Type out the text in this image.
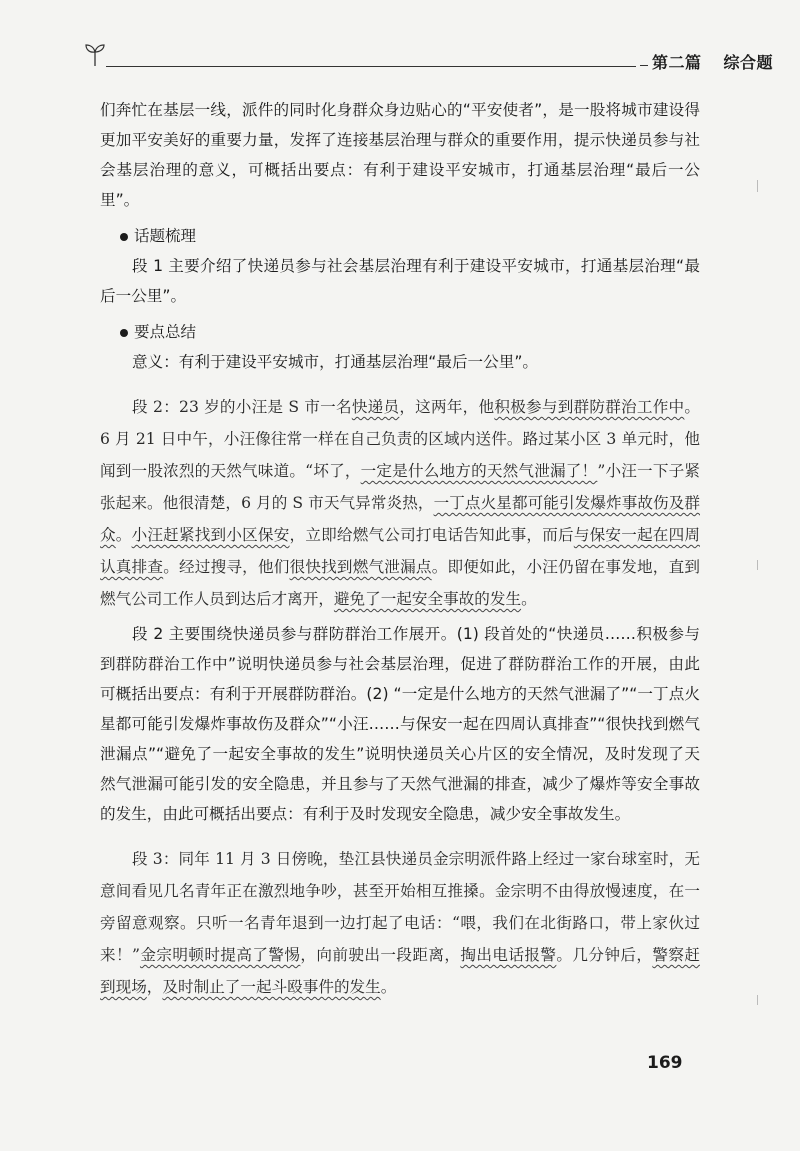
第二篇 综合题

们奔忙在基层一线，派件的同时化身群众身边贴心的“平安使者”，是一股将城市建设得更加平安美好的重要力量，发挥了连接基层治理与群众的重要作用，提示快递员参与社会基层治理的意义，可概括出要点：有利于建设平安城市，打通基层治理“最后一公里”。

话题梳理

段 1 主要介绍了快递员参与社会基层治理有利于建设平安城市，打通基层治理“最后一公里”。

要点总结

意义：有利于建设平安城市，打通基层治理“最后一公里”。

段 2：23 岁的小汪是 S 市一名快递员，这两年，他积极参与到群防群治工作中。6 月 21 日中午，小汪像往常一样在自己负责的区域内送件。路过某小区 3 单元时，他闻到一股浓烈的天然气味道。“坏了，一定是什么地方的天然气泄漏了！”小汪一下子紧张起来。他很清楚，6 月的 S 市天气异常炎热，一丁点火星都可能引发爆炸事故伤及群众。小汪赶紧找到小区保安，立即给燃气公司打电话告知此事，而后与保安一起在四周认真排查。经过搜寻，他们很快找到燃气泄漏点。即便如此，小汪仍留在事发地，直到燃气公司工作人员到达后才离开，避免了一起安全事故的发生。

段 2 主要围绕快递员参与群防群治工作展开。(1) 段首处的“快递员……积极参与到群防群治工作中”说明快递员参与社会基层治理，促进了群防群治工作的开展，由此可概括出要点：有利于开展群防群治。(2) “一定是什么地方的天然气泄漏了”“一丁点火星都可能引发爆炸事故伤及群众”“小汪……与保安一起在四周认真排查”“很快找到燃气泄漏点”“避免了一起安全事故的发生”说明快递员关心片区的安全情况，及时发现了天然气泄漏可能引发的安全隐患，并且参与了天然气泄漏的排查，减少了爆炸等安全事故的发生，由此可概括出要点：有利于及时发现安全隐患，减少安全事故发生。

段 3：同年 11 月 3 日傍晚，垫江县快递员金宗明派件路上经过一家台球室时，无意间看见几名青年正在激烈地争吵，甚至开始相互推搡。金宗明不由得放慢速度，在一旁留意观察。只听一名青年退到一边打起了电话：“喂，我们在北街路口，带上家伙过来！”金宗明顿时提高了警惕，向前驶出一段距离，掏出电话报警。几分钟后，警察赶到现场，及时制止了一起斗殴事件的发生。

169
